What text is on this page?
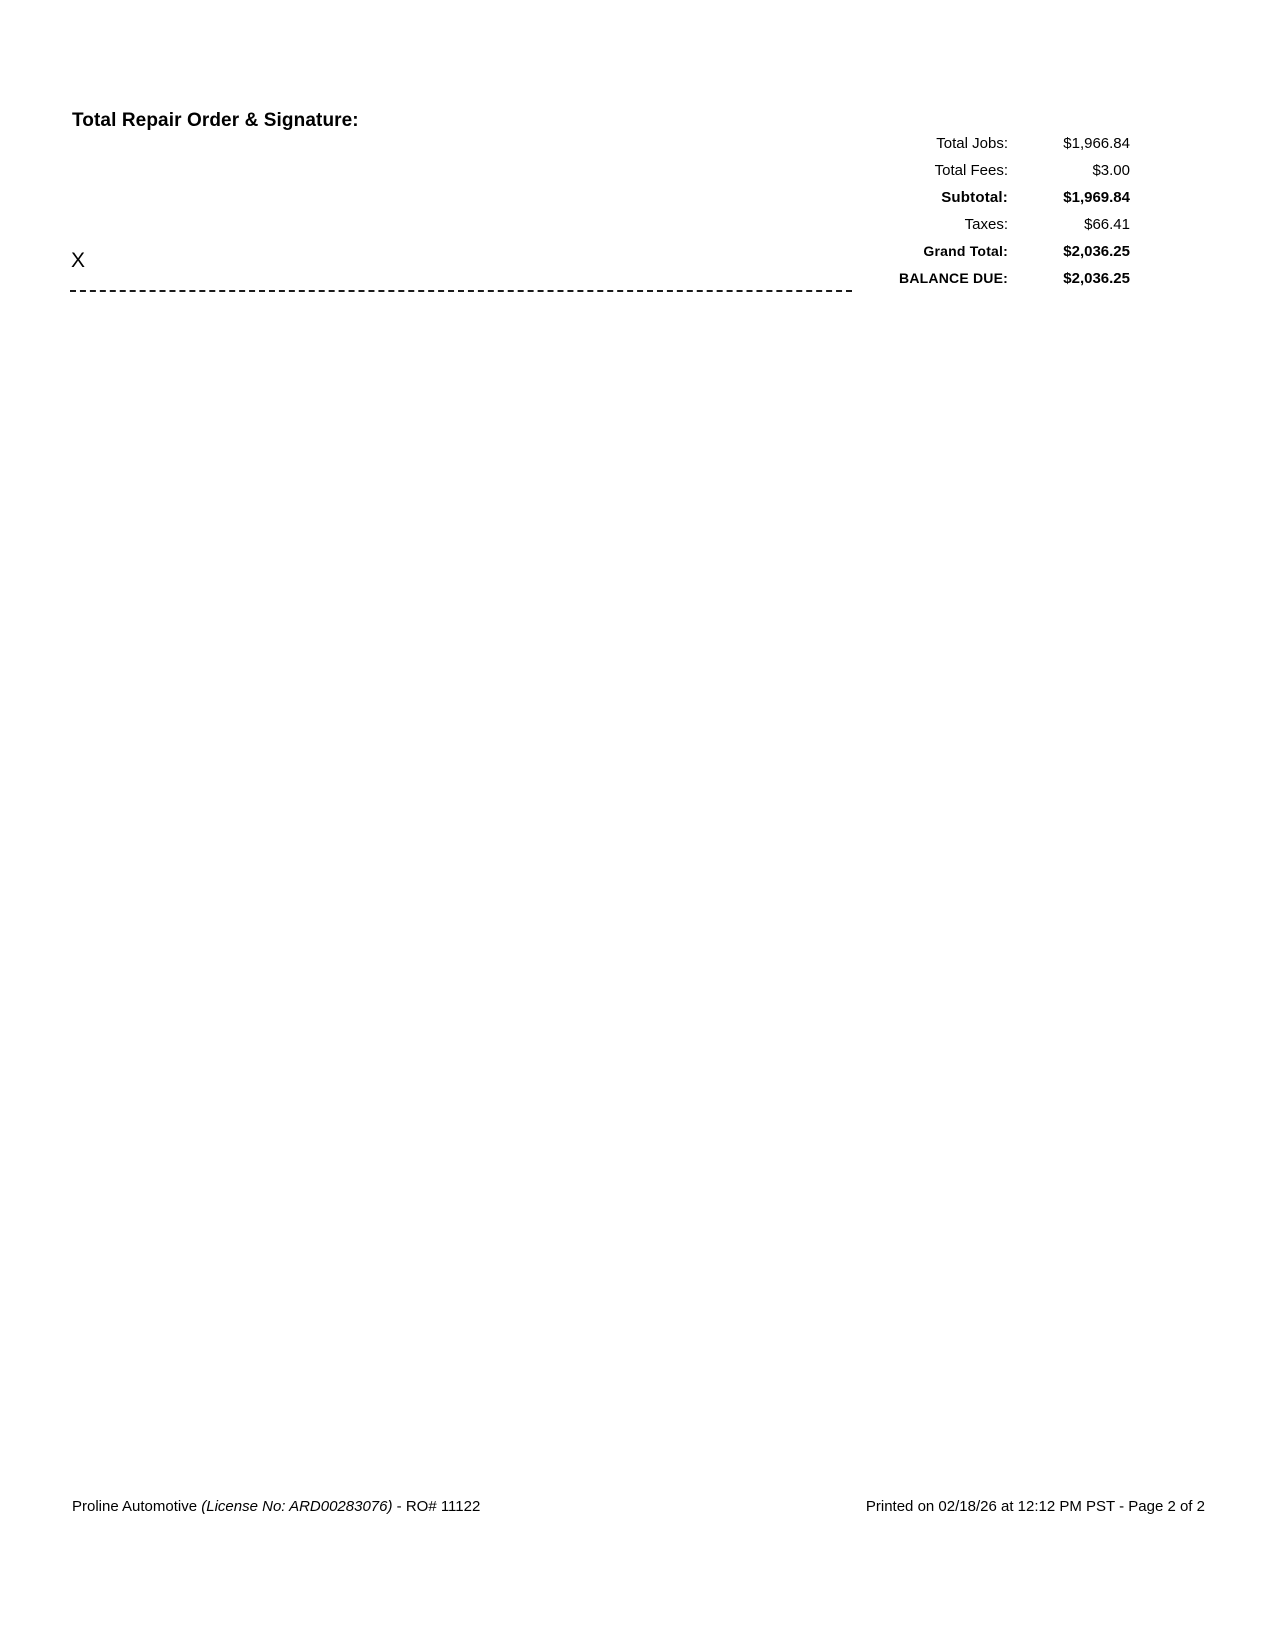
Total Repair Order & Signature:
Total Jobs:	$1,966.84
Total Fees:	$3.00
Subtotal:	$1,969.84
Taxes:	$66.41
Grand Total:	$2,036.25
BALANCE DUE:	$2,036.25
X
Proline Automotive (License No: ARD00283076) - RO# 11122	Printed on 02/18/26 at 12:12 PM PST - Page 2 of 2
